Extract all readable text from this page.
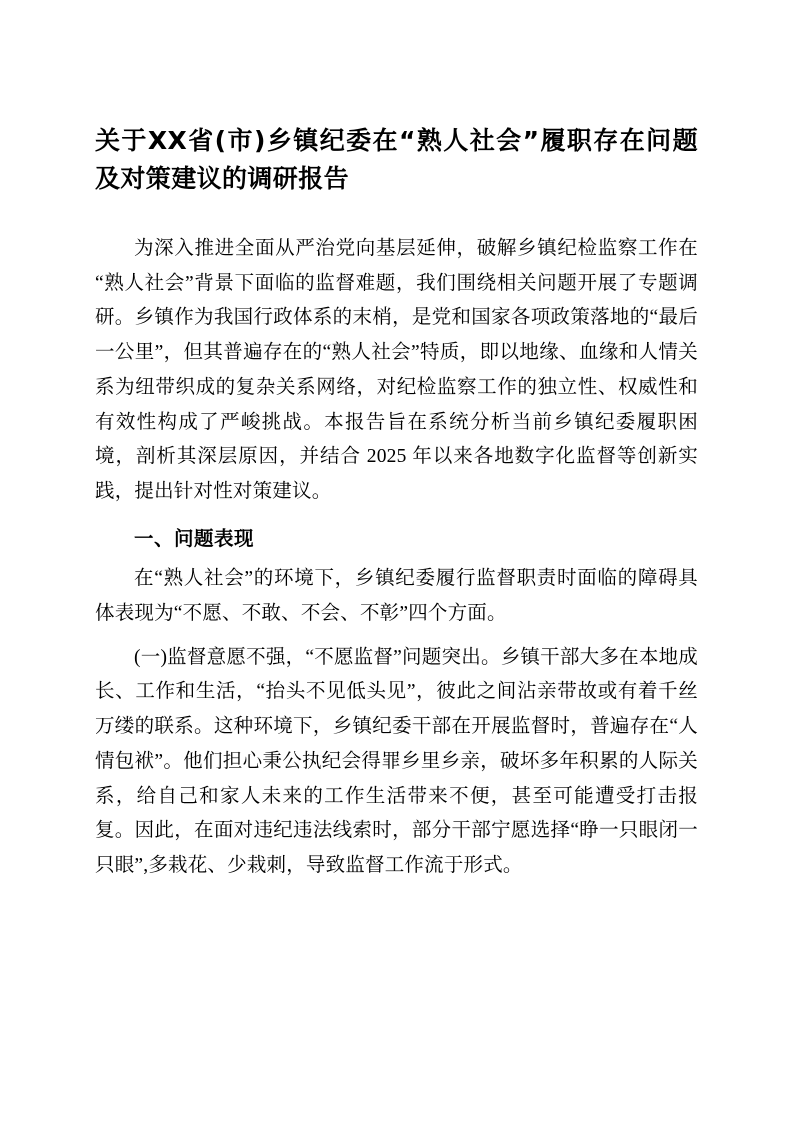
关于XX省(市)乡镇纪委在“熟人社会”履职存在问题及对策建议的调研报告

为深入推进全面从严治党向基层延伸，破解乡镇纪检监察工作在“熟人社会”背景下面临的监督难题，我们围绕相关问题开展了专题调研。乡镇作为我国行政体系的末梢，是党和国家各项政策落地的“最后一公里”，但其普遍存在的“熟人社会”特质，即以地缘、血缘和人情关系为纽带织成的复杂关系网络，对纪检监察工作的独立性、权威性和有效性构成了严峻挑战。本报告旨在系统分析当前乡镇纪委履职困境，剖析其深层原因，并结合 2025 年以来各地数字化监督等创新实践，提出针对性对策建议。

一、问题表现

在“熟人社会”的环境下，乡镇纪委履行监督职责时面临的障碍具体表现为“不愿、不敢、不会、不彰”四个方面。

(一)监督意愿不强，“不愿监督”问题突出。乡镇干部大多在本地成长、工作和生活，“抬头不见低头见”，彼此之间沾亲带故或有着千丝万缕的联系。这种环境下，乡镇纪委干部在开展监督时，普遍存在“人情包袱”。他们担心秉公执纪会得罪乡里乡亲，破坏多年积累的人际关系，给自己和家人未来的工作生活带来不便，甚至可能遭受打击报复。因此，在面对违纪违法线索时，部分干部宁愿选择“睁一只眼闭一只眼”,多栽花、少栽刺，导致监督工作流于形式。
